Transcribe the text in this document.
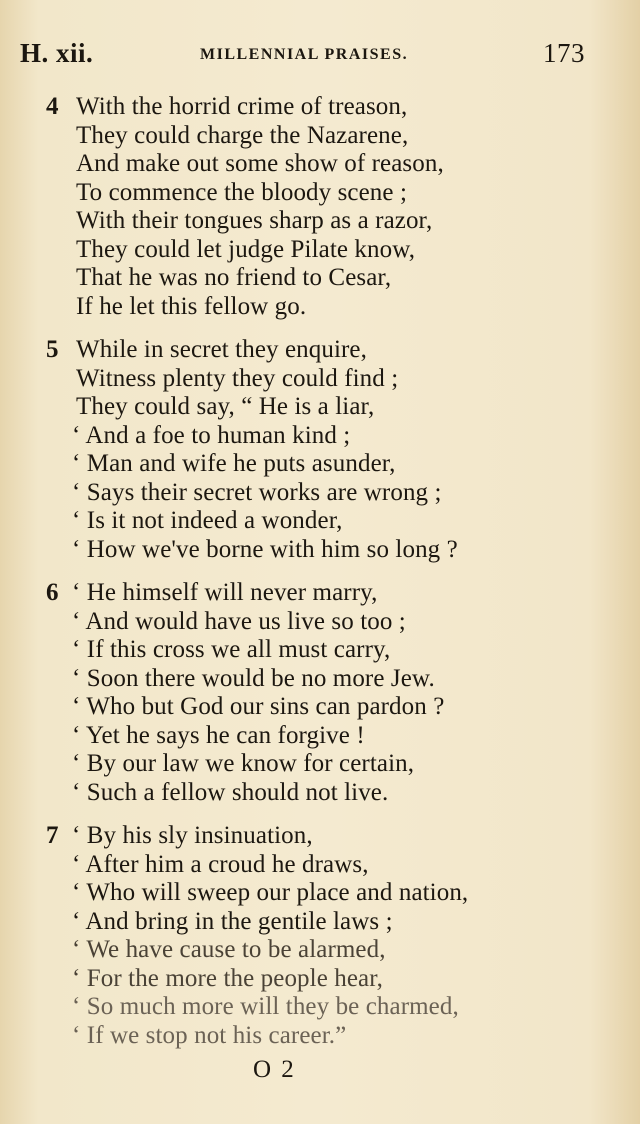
H. xii.	MILLENNIAL PRAISES.	173
4 With the horrid crime of treason,
They could charge the Nazarene,
And make out some show of reason,
To commence the bloody scene ;
With their tongues sharp as a razor,
They could let judge Pilate know,
That he was no friend to Cesar,
If he let this fellow go.
5 While in secret they enquire,
Witness plenty they could find ;
They could say, “ He is a liar,
‘ And a foe to human kind ;
‘ Man and wife he puts asunder,
‘ Says their secret works are wrong ;
‘ Is it not indeed a wonder,
‘ How we've borne with him so long ?
6 ‘ He himself will never marry,
‘ And would have us live so too ;
‘ If this cross we all must carry,
‘ Soon there would be no more Jew.
‘ Who but God our sins can pardon ?
‘ Yet he says he can forgive !
‘ By our law we know for certain,
‘ Such a fellow should not live.
7 ‘ By his sly insinuation,
‘ After him a croud he draws,
‘ Who will sweep our place and nation,
‘ And bring in the gentile laws ;
‘ We have cause to be alarmed,
‘ For the more the people hear,
‘ So much more will they be charmed,
‘ If we stop not his career.”
O 2
